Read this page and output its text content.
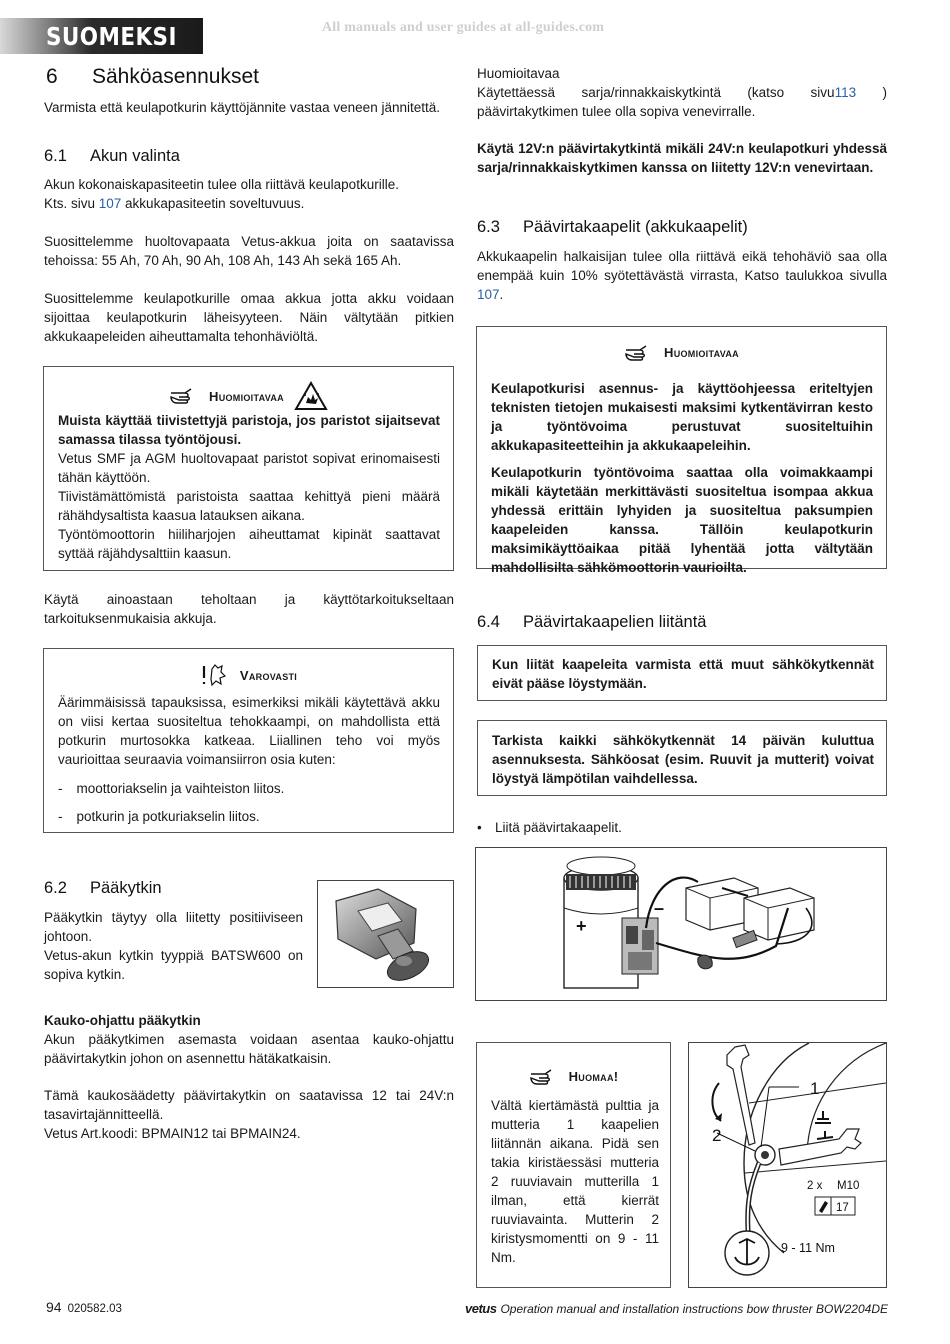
SUOMEKSI	All manuals and user guides at all-guides.com
6 Sähköasennukset

Varmista että keulapotkurin käyttöjännite vastaa veneen jännitettä.

6.1 Akun valinta

Akun kokonaiskapasiteetin tulee olla riittävä keulapotkurille.

Kts. sivu 107 akkukapasiteetin soveltuvuus.

Suosittelemme huoltovapaata Vetus-akkua joita on saatavissa tehoissa: 55 Ah, 70 Ah, 90 Ah, 108 Ah, 143 Ah sekä 165 Ah.

Suosittelemme keulapotkurille omaa akkua jotta akku voidaan sijoittaa keulapotkurin läheisyyteen. Näin vältytään pitkien akkukaapeleiden aiheuttamalta tehonhäviöltä.

Huomioitavaa

Muista käyttää tiivistettyjä paristoja, jos paristot sijaitsevat samassa tilassa työntöjousi.

Vetus SMF ja AGM huoltovapaat paristot sopivat erinomaisesti tähän käyttöön.

Tiivistämättömistä paristoista saattaa kehittyä pieni määrä rähähdysaltista kaasua latauksen aikana.

Työntömoottorin hiiliharjojen aiheuttamat kipinät saattavat syttää räjähdysalttiin kaasun.

Käytä ainoastaan teholtaan ja käyttötarkoitukseltaan tarkoituksenmukaisia akkuja.

Varovasti

Äärimmäisissä tapauksissa, esimerkiksi mikäli käytettävä akku on viisi kertaa suositeltua tehokkaampi, on mahdollista että potkurin murtosokka katkeaa. Liiallinen teho voi myös vaurioittaa seuraavia voimansiirron osia kuten:

- moottoriakselin ja vaihteiston liitos.
- potkurin ja potkuriakselin liitos.
6.2 Pääkytkin

Pääkytkin täytyy olla liitetty positiiviseen johtoon.

Vetus-akun kytkin tyyppiä BATSW600 on sopiva kytkin.

Kauko-ohjattu pääkytkin

Akun pääkytkimen asemasta voidaan asentaa kauko-ohjattu päävirtakytkin johon on asennettu hätäkatkaisin.

Tämä kaukosäädetty päävirtakytkin on saatavissa 12 tai 24V:n tasavirtajännitteellä.

Vetus Art.koodi: BPMAIN12 tai BPMAIN24.

Huomioitavaa

Käytettäessä sarja/rinnakkaiskytkintä (katso sivu113 ) päävirtakytkimen tulee olla sopiva venevirralle.

Käytä 12V:n päävirtakytkintä mikäli 24V:n keulapotkuri yhdessä sarja/rinnakkaiskytkimen kanssa on liitetty 12V:n venevirtaan.

6.3 Päävirtakaapelit (akkukaapelit)

Akkukaapelin halkaisijan tulee olla riittävä eikä tehohäviö saa olla enempää kuin 10% syötettävästä virrasta, Katso taulukkoa sivulla 107.

Huomioitavaa

Keulapotkurisi asennus- ja käyttöohjeessa eriteltyjen teknisten tietojen mukaisesti maksimi kytkentävirran kesto ja työntövoima perustuvat suositeltuihin akkukapasiteetteihin ja akkukaapeleihin.

Keulapotkurin työntövoima saattaa olla voimakkaampi mikäli käytetään merkittävästi suositeltua isompaa akkua yhdessä erittäin lyhyiden ja suositeltua paksumpien kaapeleiden kanssa. Tällöin keulapotkurin maksimikäyttöaikaa pitää lyhentää jotta vältytään mahdollisilta sähkömoottorin vaurioilta.

6.4 Päävirtakaapelien liitäntä

Kun liität kaapeleita varmista että muut sähkökytkennät eivät pääse löystymään.

Tarkista kaikki sähkökytkennät 14 päivän kuluttua asennuksesta. Sähköosat (esim. Ruuvit ja mutterit) voivat löystyä lämpötilan vaihdellessa.

• Liitä päävirtakaapelit.

+
–
Huomaa!

Vältä kiertämästä pulttia ja mutteria 1 kaapelien liitännän aikana. Pidä sen takia kiristäessäsi mutteria 2 ruuviavain mutterilla 1 ilman, että kierrät ruuviavainta. Mutterin 2 kiristysmomentti on 9 - 11 Nm.

1
2
2 x M10
17
9 - 11 Nm
94 020582.03	vetus Operation manual and installation instructions bow thruster BOW2204DE
